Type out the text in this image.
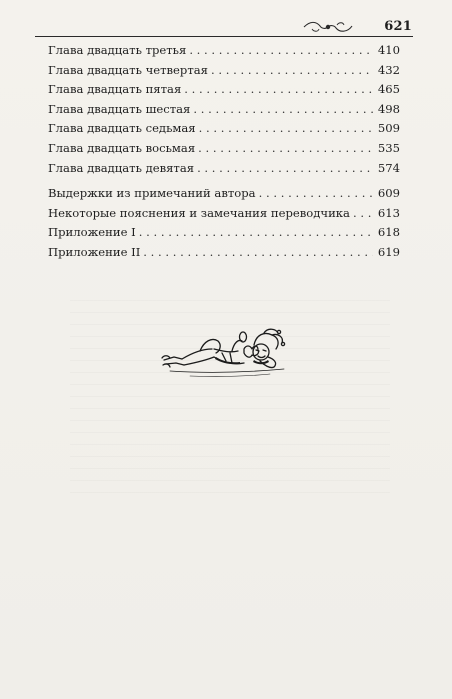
621
Глава двадцать третья . . .	410
Глава двадцать четвертая . . .	432
Глава двадцать пятая . . .	465
Глава двадцать шестая . . .	498
Глава двадцать седьмая . . .	509
Глава двадцать восьмая . . .	535
Глава двадцать девятая . . .	574
Выдержки из примечаний автора . . .	609
Некоторые пояснения и замечания переводчика . . . 613
Приложение I . . .	618
Приложение II . . .	619
